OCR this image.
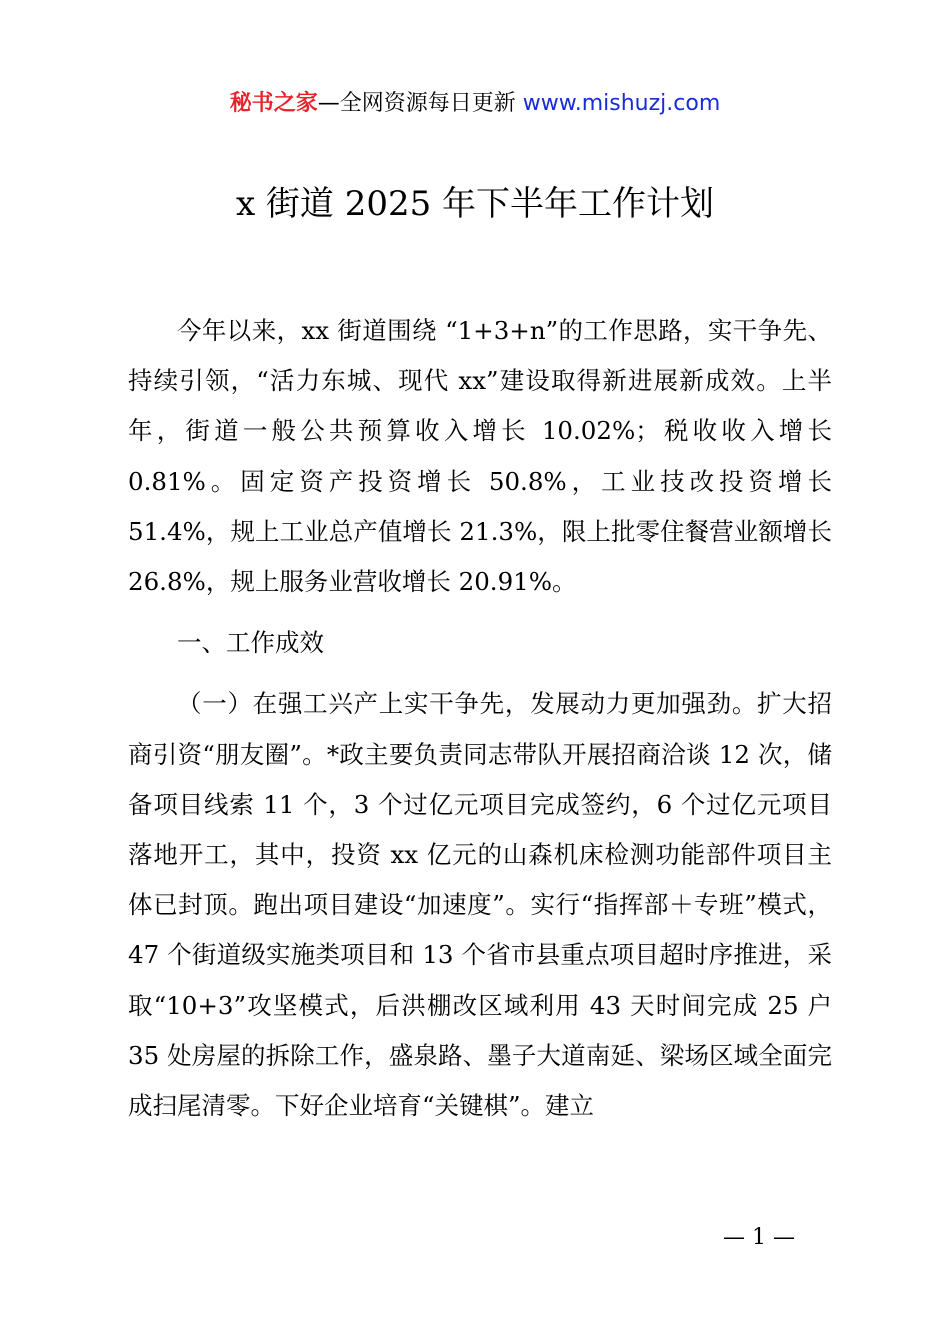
秘书之家—全网资源每日更新 www.mishuzj.com
x 街道 2025 年下半年工作计划

今年以来，xx 街道围绕 “1+3+n”的工作思路，实干争先、持续引领，“活力东城、现代 xx”建设取得新进展新成效。上半年，街道一般公共预算收入增长 10.02%；税收收入增长 0.81%。固定资产投资增长 50.8%，工业技改投资增长 51.4%，规上工业总产值增长 21.3%，限上批零住餐营业额增长 26.8%，规上服务业营收增长 20.91%。

一、工作成效

（一）在强工兴产上实干争先，发展动力更加强劲。扩大招商引资“朋友圈”。*政主要负责同志带队开展招商洽谈 12 次，储备项目线索 11 个，3 个过亿元项目完成签约，6 个过亿元项目落地开工，其中，投资 xx 亿元的山森机床检测功能部件项目主体已封顶。跑出项目建设“加速度”。实行“指挥部＋专班”模式，47 个街道级实施类项目和 13 个省市县重点项目超时序推进，采取“10+3”攻坚模式，后洪棚改区域利用 43 天时间完成 25 户 35 处房屋的拆除工作，盛泉路、墨子大道南延、梁场区域全面完成扫尾清零。下好企业培育“关键棋”。建立

— 1 —
